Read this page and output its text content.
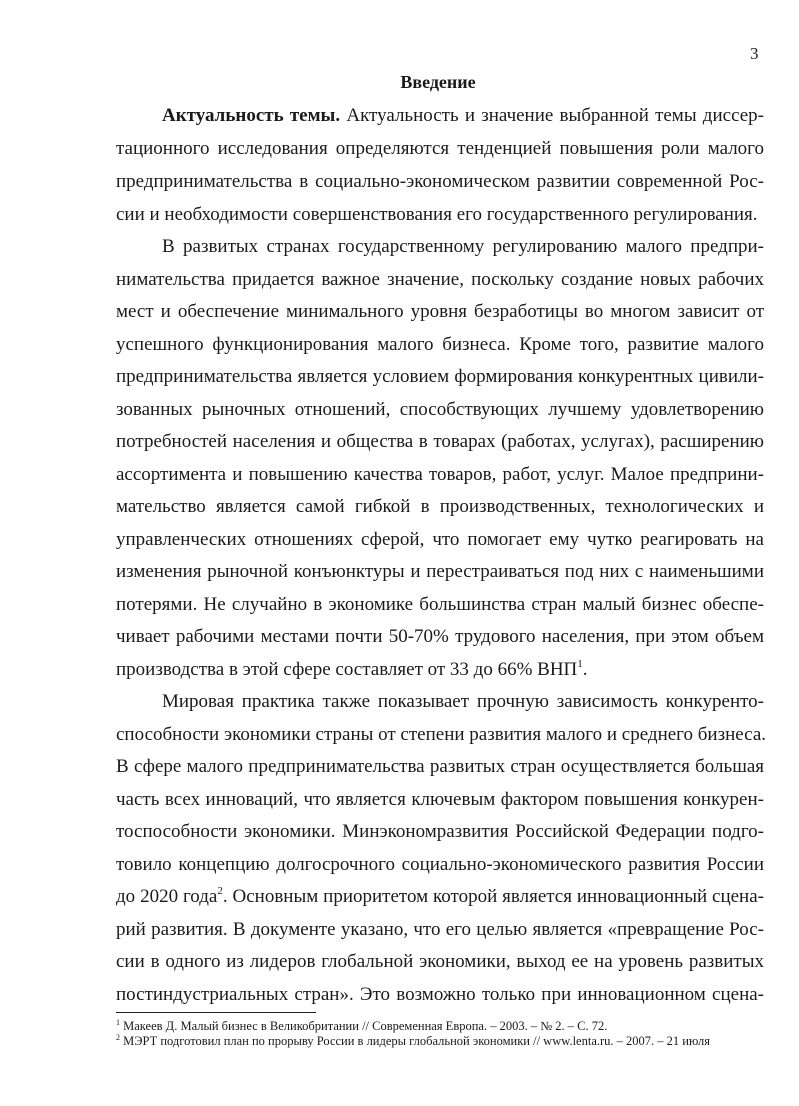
3
Введение
Актуальность темы. Актуальность и значение выбранной темы диссер-
тационного исследования определяются тенденцией повышения роли малого
предпринимательства в социально-экономическом развитии современной Рос-
сии и необходимости совершенствования его государственного регулирования.
В развитых странах государственному регулированию малого предпри-
нимательства придается важное значение, поскольку создание новых рабочих
мест и обеспечение минимального уровня безработицы во многом зависит от
успешного функционирования малого бизнеса. Кроме того, развитие малого
предпринимательства является условием формирования конкурентных цивили-
зованных рыночных отношений, способствующих лучшему удовлетворению
потребностей населения и общества в товарах (работах, услугах), расширению
ассортимента и повышению качества товаров, работ, услуг. Малое предприни-
мательство является самой гибкой в производственных, технологических и
управленческих отношениях сферой, что помогает ему чутко реагировать на
изменения рыночной конъюнктуры и перестраиваться под них с наименьшими
потерями. Не случайно в экономике большинства стран малый бизнес обеспе-
чивает рабочими местами почти 50-70% трудового населения, при этом объем
производства в этой сфере составляет от 33 до 66% ВНП$^1$.
Мировая практика также показывает прочную зависимость конкуренто-
способности экономики страны от степени развития малого и среднего бизнеса.
В сфере малого предпринимательства развитых стран осуществляется большая
часть всех инноваций, что является ключевым фактором повышения конкурен-
тоспособности экономики. Минэкономразвития Российской Федерации подго-
товило концепцию долгосрочного социально-экономического развития России
до 2020 года$^2$. Основным приоритетом которой является инновационный сцена-
рий развития. В документе указано, что его целью является «превращение Рос-
сии в одного из лидеров глобальной экономики, выход ее на уровень развитых
постиндустриальных стран». Это возможно только при инновационном сцена-
$^1$ Макеев Д. Малый бизнес в Великобритании // Современная Европа. – 2003. – № 2. – С. 72.
$^2$ МЭРТ подготовил план по прорыву России в лидеры глобальной экономики // www.lenta.ru. – 2007. – 21 июля
